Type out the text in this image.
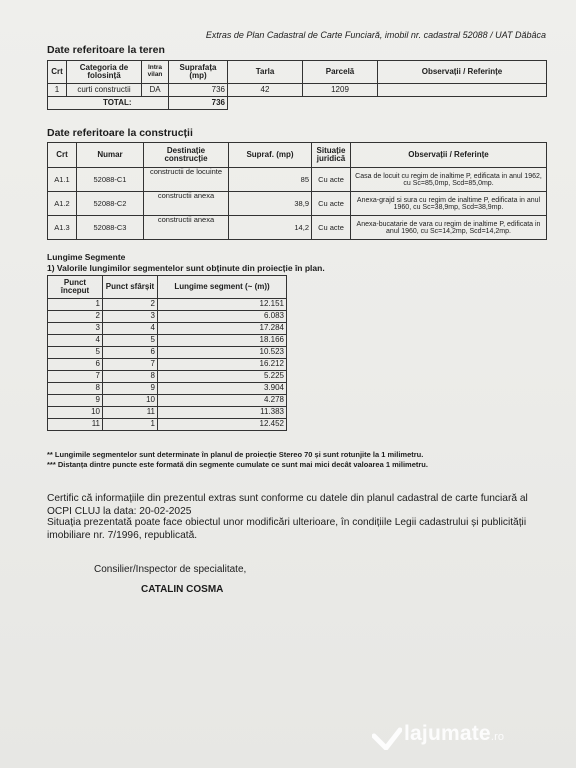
Extras de Plan Cadastral de Carte Funciară, imobil nr. cadastral 52088 / UAT Dăbâca
Date referitoare la teren
Crt	Categoria de folosință	Intra vilan	Suprafața (mp)	Tarla	Parcelă	Observații / Referințe
1	curti constructii	DA	736	42	1209	
	TOTAL:		736			
Date referitoare la construcții
Crt	Numar	Destinație construcție	Supraf. (mp)	Situație juridică	Observații / Referințe
A1.1	52088-C1	constructii de locuinte	85	Cu acte	Casa de locuit cu regim de inaltime P, edificata in anul 1962, cu Sc=85,0mp, Scd=85,0mp.
A1.2	52088-C2	constructii anexa	38,9	Cu acte	Anexa-grajd si sura cu regim de inaltime P, edificata in anul 1960, cu Sc=38,9mp, Scd=38,9mp.
A1.3	52088-C3	constructii anexa	14,2	Cu acte	Anexa-bucatarie de vara cu regim de inaltime P, edificata in anul 1960, cu Sc=14,2mp, Scd=14,2mp.
Lungime Segmente
1) Valorile lungimilor segmentelor sunt obținute din proiecție în plan.
Punct început	Punct sfârșit	Lungime segment (~ (m))
1	2	12.151
2	3	6.083
3	4	17.284
4	5	18.166
5	6	10.523
6	7	16.212
7	8	5.225
8	9	3.904
9	10	4.278
10	11	11.383
11	1	12.452
** Lungimile segmentelor sunt determinate în planul de proiecție Stereo 70 și sunt rotunjite la 1 milimetru.
*** Distanța dintre puncte este formată din segmente cumulate ce sunt mai mici decât valoarea 1 milimetru.
Certific că informațiile din prezentul extras sunt conforme cu datele din planul cadastral de carte funciară al OCPI CLUJ la data: 20-02-2025
Situația prezentată poate face obiectul unor modificări ulterioare, în condițiile Legii cadastrului și publicității imobiliare nr. 7/1996, republicată.
Consilier/Inspector de specialitate,
CATALIN COSMA
lajumate.ro
